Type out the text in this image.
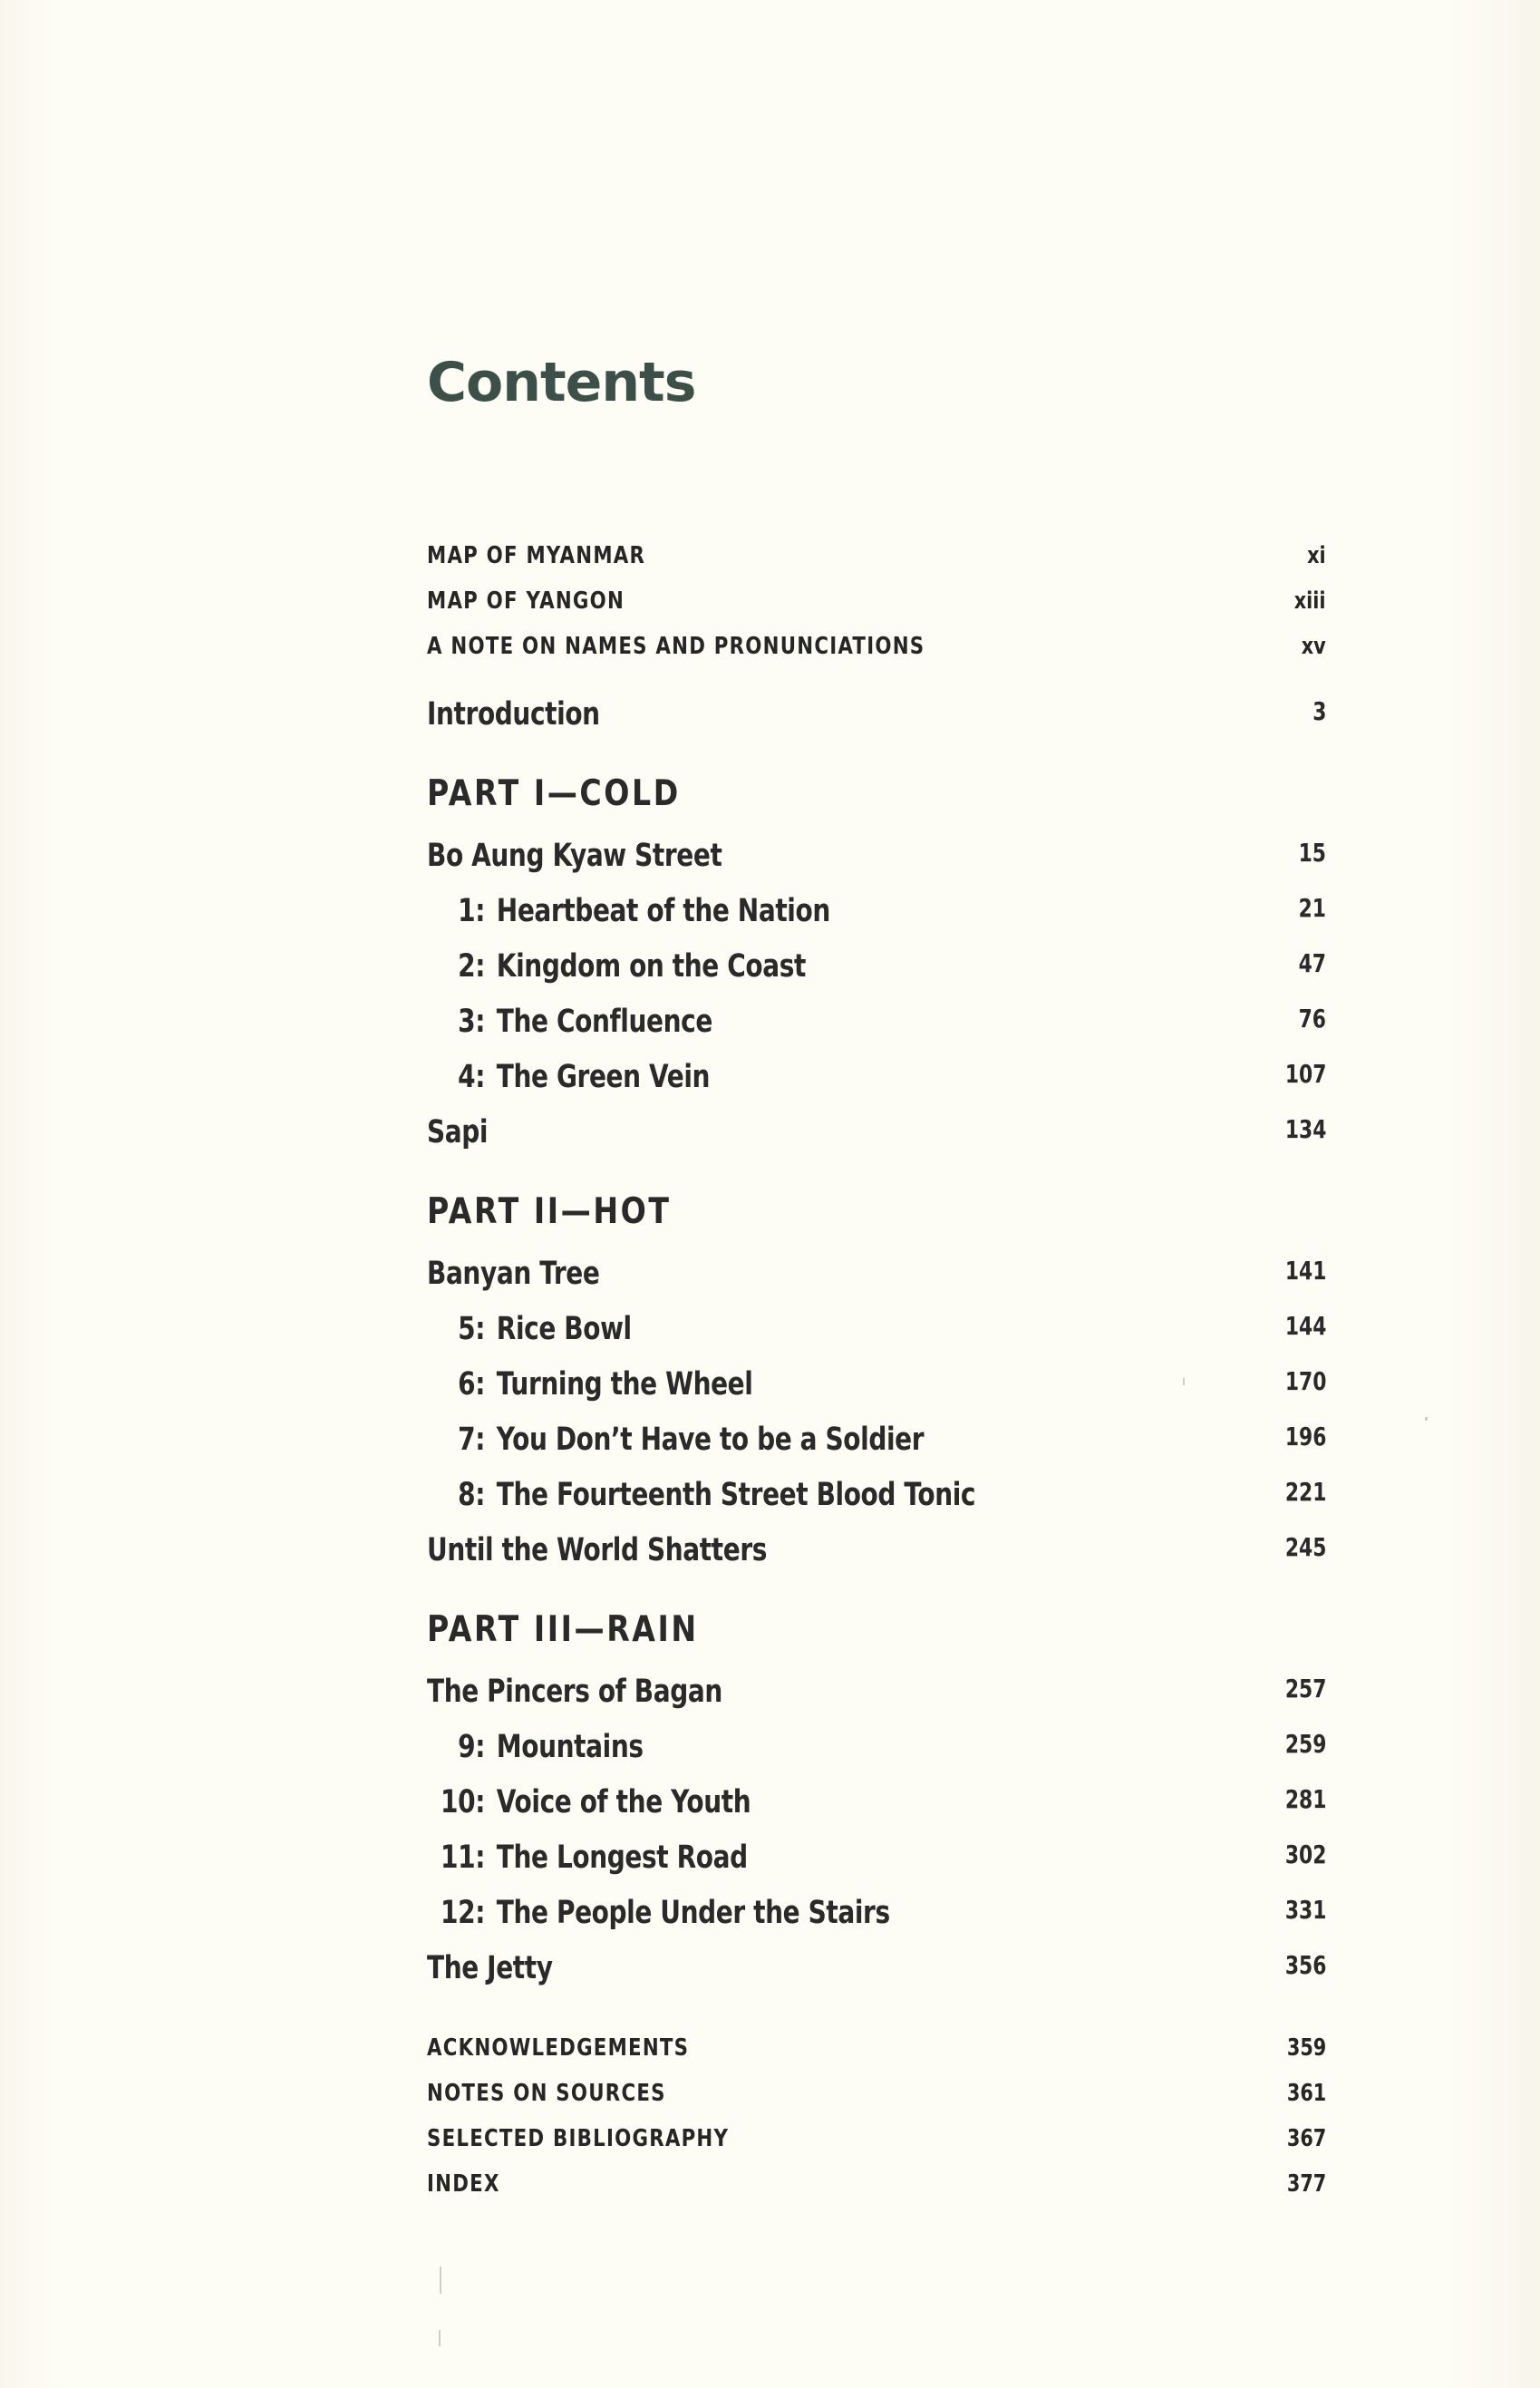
Contents
MAP OF MYANMAR	xi
MAP OF YANGON	xiii
A NOTE ON NAMES AND PRONUNCIATIONS	xv
Introduction	3
PART I—COLD
Bo Aung Kyaw Street	15
1: Heartbeat of the Nation	21
2: Kingdom on the Coast	47
3: The Confluence	76
4: The Green Vein	107
Sapi	134
PART II—HOT
Banyan Tree	141
5: Rice Bowl	144
6: Turning the Wheel	170
7: You Don’t Have to be a Soldier	196
8: The Fourteenth Street Blood Tonic	221
Until the World Shatters	245
PART III—RAIN
The Pincers of Bagan	257
9: Mountains	259
10: Voice of the Youth	281
11: The Longest Road	302
12: The People Under the Stairs	331
The Jetty	356
ACKNOWLEDGEMENTS	359
NOTES ON SOURCES	361
SELECTED BIBLIOGRAPHY	367
INDEX	377
